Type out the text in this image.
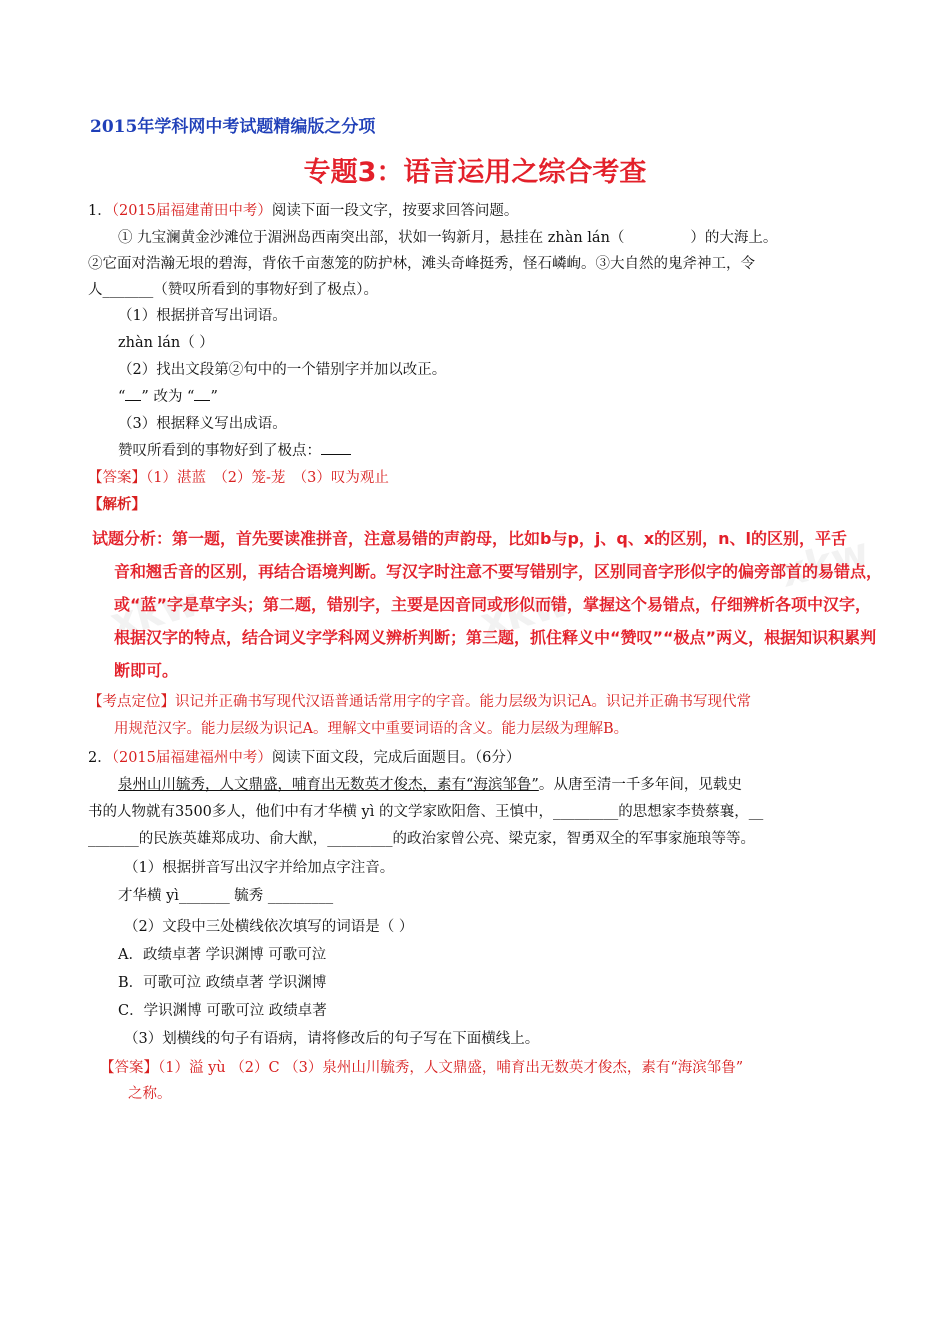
2015年学科网中考试题精编版之分项
专题3：语言运用之综合考查
1．（2015届福建莆田中考）阅读下面一段文字，按要求回答问题。
① 九宝澜黄金沙滩位于湄洲岛西南突出部，状如一钩新月，悬挂在 zhàn lán（	）的大海上。
②它面对浩瀚无垠的碧海，背依千亩葱笼的防护林，滩头奇峰挺秀，怪石嶙峋。③大自然的鬼斧神工，令
人_______（赞叹所看到的事物好到了极点）。
（1）根据拼音写出词语。
zhàn lán（ ）
（2）找出文段第②句中的一个错别字并加以改正。
“ ” 改为 “ ”
（3）根据释义写出成语。
赞叹所看到的事物好到了极点：
【答案】（1）湛蓝　（2）笼-茏　（3）叹为观止
【解析】
xkw	xkw
xkw
试题分析：第一题，首先要读准拼音，注意易错的声韵母，比如b与p，j、q、x的区别，n、l的区别，平舌
音和翘舌音的区别，再结合语境判断。写汉字时注意不要写错别字，区别同音字形似字的偏旁部首的易错点，或“蓝”字是草字头；第二题，错别字，主要是因音同或形似而错，掌握这个易错点，仔细辨析各项中汉字，根据汉字的特点，结合词义字学科网义辨析判断；第三题，抓住释义中“赞叹”“极点”两义，根据知识积累判断即可。
【考点定位】识记并正确书写现代汉语普通话常用字的字音。能力层级为识记A。识记并正确书写现代常
用规范汉字。能力层级为识记A。理解文中重要词语的含义。能力层级为理解B。
2．（2015届福建福州中考）阅读下面文段，完成后面题目。（6分）
泉州山川毓秀，人文鼎盛，哺育出无数英才俊杰，素有“海滨邹鲁”。从唐至清一千多年间，见载史
书的人物就有3500多人，他们中有才华横 yì 的文学家欧阳詹、王慎中，_________的思想家李贽蔡襄，__
_______的民族英雄郑成功、俞大猷，_________的政治家曾公亮、梁克家，智勇双全的军事家施琅等等。
（1）根据拼音写出汉字并给加点字注音。
才华横 yì_______ 毓秀 _________
（2）文段中三处横线依次填写的词语是（ ）
A．政绩卓著 学识渊博 可歌可泣
B．可歌可泣 政绩卓著 学识渊博
C．学识渊博 可歌可泣 政绩卓著
（3）划横线的句子有语病，请将修改后的句子写在下面横线上。
【答案】（1）溢 yù （2）C （3）泉州山川毓秀，人文鼎盛，哺育出无数英才俊杰，素有“海滨邹鲁”
之称。
